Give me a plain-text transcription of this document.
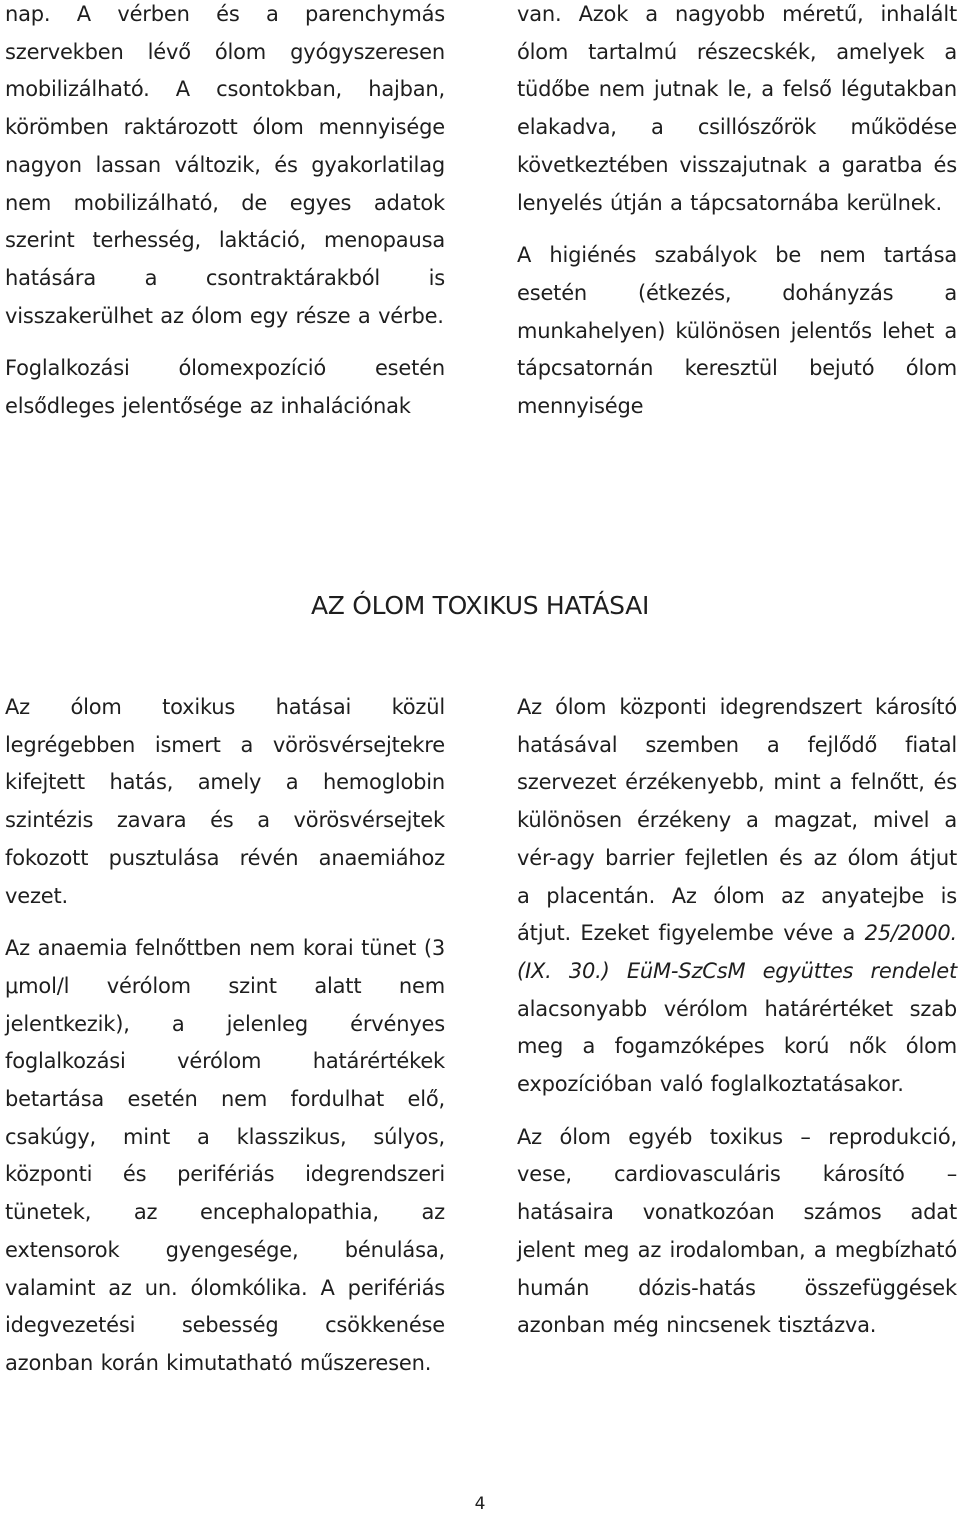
nap. A vérben és a parenchymás szervekben lévő ólom gyógyszeresen mobilizálható. A csontokban, hajban, körömben raktározott ólom mennyisége nagyon lassan változik, és gyakorlatilag nem mobilizálható, de egyes adatok szerint terhesség, laktáció, menopausa hatására a csontraktárakból is visszakerülhet az ólom egy része a vérbe.

Foglalkozási ólomexpozíció esetén elsődleges jelentősége az inhalációnak

van. Azok a nagyobb méretű, inhalált ólom tartalmú részecskék, amelyek a tüdőbe nem jutnak le, a felső légutakban elakadva, a csillószőrök működése következtében visszajutnak a garatba és lenyelés útján a tápcsatornába kerülnek.

A higiénés szabályok be nem tartása esetén (étkezés, dohányzás a munkahelyen) különösen jelentős lehet a tápcsatornán keresztül bejutó ólom mennyisége

AZ ÓLOM TOXIKUS HATÁSAI

Az ólom toxikus hatásai közül legrégebben ismert a vörösvérsejtekre kifejtett hatás, amely a hemoglobin szintézis zavara és a vörösvérsejtek fokozott pusztulása révén anaemiához vezet.

Az anaemia felnőttben nem korai tünet (3 μmol/l vérólom szint alatt nem jelentkezik), a jelenleg érvényes foglalkozási vérólom határértékek betartása esetén nem fordulhat elő, csakúgy, mint a klasszikus, súlyos, központi és perifériás idegrendszeri tünetek, az encephalopathia, az extensorok gyengesége, bénulása, valamint az un. ólomkólika. A perifériás idegvezetési sebesség csökkenése azonban korán kimutatható műszeresen.

Az ólom központi idegrendszert károsító hatásával szemben a fejlődő fiatal szervezet érzékenyebb, mint a felnőtt, és különösen érzékeny a magzat, mivel a vér-agy barrier fejletlen és az ólom átjut a placentán. Az ólom az anyatejbe is átjut. Ezeket figyelembe véve a 25/2000. (IX. 30.) EüM-SzCsM együttes rendelet alacsonyabb vérólom határértéket szab meg a fogamzóképes korú nők ólom expozícióban való foglalkoztatásakor.

Az ólom egyéb toxikus – reprodukció, vese, cardiovasculáris károsító – hatásaira vonatkozóan számos adat jelent meg az irodalomban, a megbízható humán dózis-hatás összefüggések azonban még nincsenek tisztázva.

4
